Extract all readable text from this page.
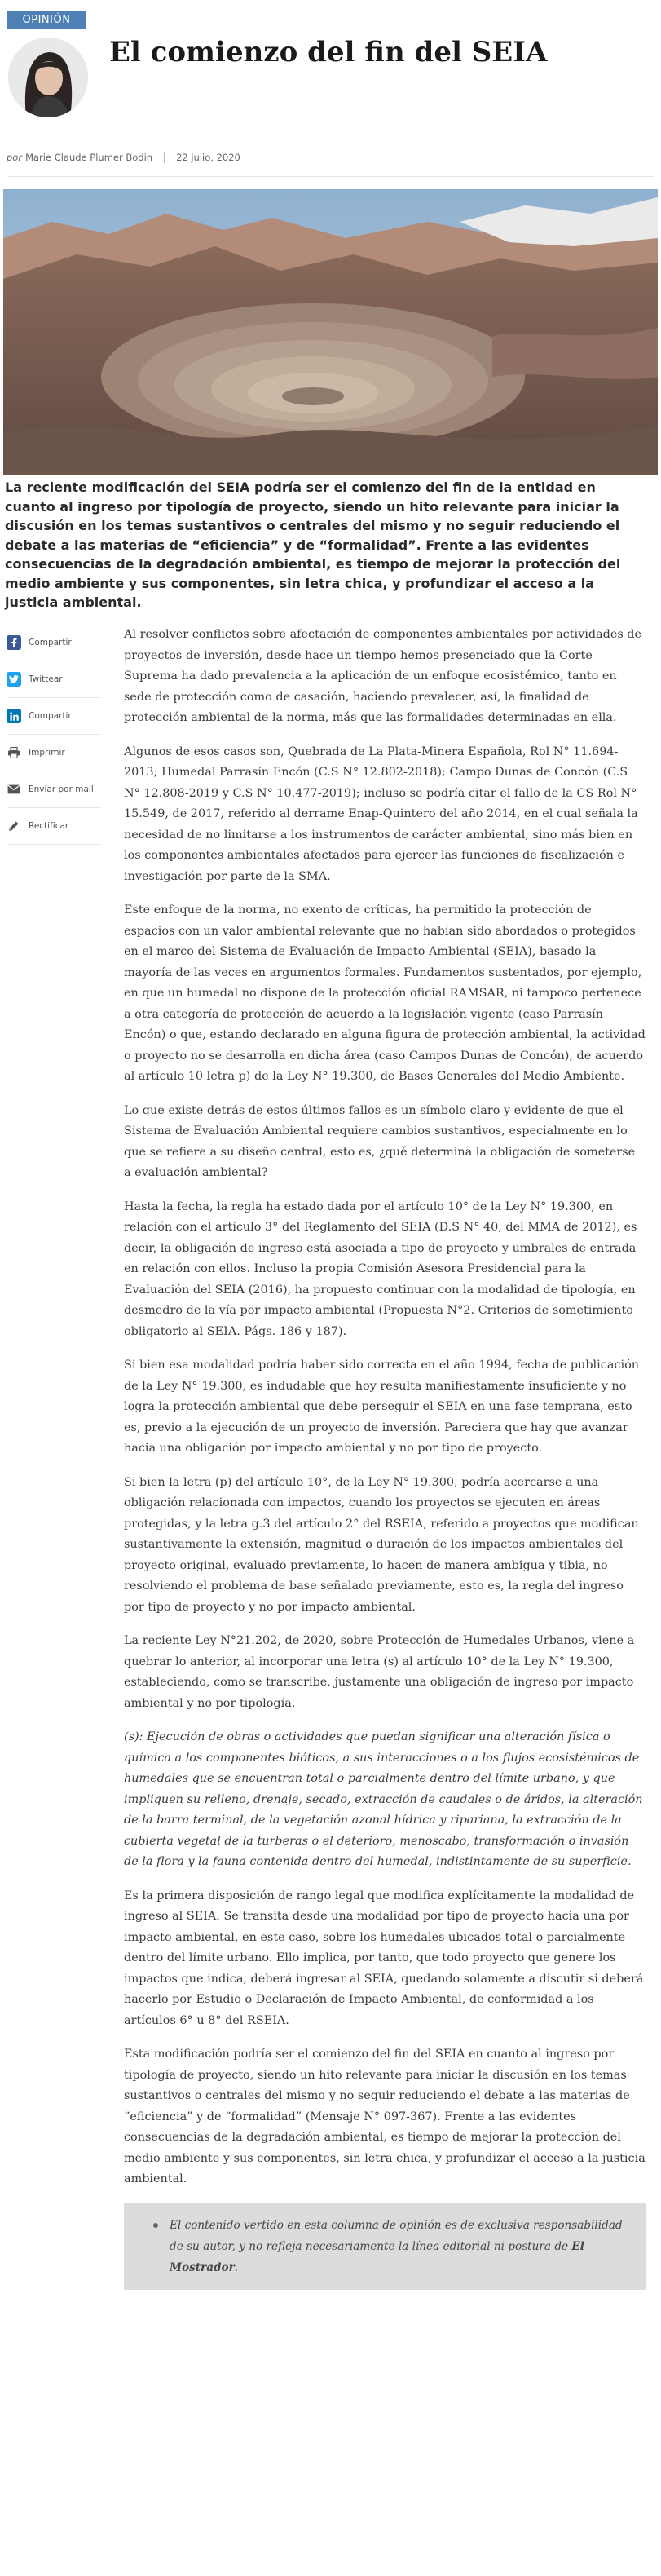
OPINIÓN
El comienzo del fin del SEIA
por Marie Claude Plumer Bodin	22 julio, 2020

La reciente modificación del SEIA podría ser el comienzo del fin de la entidad en cuanto al ingreso por tipología de proyecto, siendo un hito relevante para iniciar la discusión en los temas sustantivos o centrales del mismo y no seguir reduciendo el debate a las materias de “eficiencia” y de “formalidad”. Frente a las evidentes consecuencias de la degradación ambiental, es tiempo de mejorar la protección del medio ambiente y sus componentes, sin letra chica, y profundizar el acceso a la justicia ambiental.

Compartir
Twittear
Compartir
Imprimir
Enviar por mail
Rectificar

Al resolver conflictos sobre afectación de componentes ambientales por actividades de proyectos de inversión, desde hace un tiempo hemos presenciado que la Corte Suprema ha dado prevalencia a la aplicación de un enfoque ecosistémico, tanto en sede de protección como de casación, haciendo prevalecer, así, la finalidad de protección ambiental de la norma, más que las formalidades determinadas en ella.

Algunos de esos casos son, Quebrada de La Plata-Minera Española, Rol N° 11.694-2013; Humedal Parrasín Encón (C.S N° 12.802-2018); Campo Dunas de Concón (C.S N° 12.808-2019 y C.S N° 10.477-2019); incluso se podría citar el fallo de la CS Rol N° 15.549, de 2017, referido al derrame Enap-Quintero del año 2014, en el cual señala la necesidad de no limitarse a los instrumentos de carácter ambiental, sino más bien en los componentes ambientales afectados para ejercer las funciones de fiscalización e investigación por parte de la SMA.

Este enfoque de la norma, no exento de críticas, ha permitido la protección de espacios con un valor ambiental relevante que no habían sido abordados o protegidos en el marco del Sistema de Evaluación de Impacto Ambiental (SEIA), basado la mayoría de las veces en argumentos formales. Fundamentos sustentados, por ejemplo, en que un humedal no dispone de la protección oficial RAMSAR, ni tampoco pertenece a otra categoría de protección de acuerdo a la legislación vigente (caso Parrasín Encón) o que, estando declarado en alguna figura de protección ambiental, la actividad o proyecto no se desarrolla en dicha área (caso Campos Dunas de Concón), de acuerdo al artículo 10 letra p) de la Ley N° 19.300, de Bases Generales del Medio Ambiente.

Lo que existe detrás de estos últimos fallos es un símbolo claro y evidente de que el Sistema de Evaluación Ambiental requiere cambios sustantivos, especialmente en lo que se refiere a su diseño central, esto es, ¿qué determina la obligación de someterse a evaluación ambiental?

Hasta la fecha, la regla ha estado dada por el artículo 10° de la Ley N° 19.300, en relación con el artículo 3° del Reglamento del SEIA (D.S N° 40, del MMA de 2012), es decir, la obligación de ingreso está asociada a tipo de proyecto y umbrales de entrada en relación con ellos. Incluso la propia Comisión Asesora Presidencial para la Evaluación del SEIA (2016), ha propuesto continuar con la modalidad de tipología, en desmedro de la vía por impacto ambiental (Propuesta N°2. Criterios de sometimiento obligatorio al SEIA. Págs. 186 y 187).

Si bien esa modalidad podría haber sido correcta en el año 1994, fecha de publicación de la Ley N° 19.300, es indudable que hoy resulta manifiestamente insuficiente y no logra la protección ambiental que debe perseguir el SEIA en una fase temprana, esto es, previo a la ejecución de un proyecto de inversión. Pareciera que hay que avanzar hacia una obligación por impacto ambiental y no por tipo de proyecto.

Si bien la letra (p) del artículo 10°, de la Ley N° 19.300, podría acercarse a una obligación relacionada con impactos, cuando los proyectos se ejecuten en áreas protegidas, y la letra g.3 del artículo 2° del RSEIA, referido a proyectos que modifican sustantivamente la extensión, magnitud o duración de los impactos ambientales del proyecto original, evaluado previamente, lo hacen de manera ambigua y tibia, no resolviendo el problema de base señalado previamente, esto es, la regla del ingreso por tipo de proyecto y no por impacto ambiental.

La reciente Ley N°21.202, de 2020, sobre Protección de Humedales Urbanos, viene a quebrar lo anterior, al incorporar una letra (s) al artículo 10° de la Ley N° 19.300, estableciendo, como se transcribe, justamente una obligación de ingreso por impacto ambiental y no por tipología.

(s): Ejecución de obras o actividades que puedan significar una alteración física o química a los componentes bióticos, a sus interacciones o a los flujos ecosistémicos de humedales que se encuentran total o parcialmente dentro del límite urbano, y que impliquen su relleno, drenaje, secado, extracción de caudales o de áridos, la alteración de la barra terminal, de la vegetación azonal hídrica y ripariana, la extracción de la cubierta vegetal de la turberas o el deterioro, menoscabo, transformación o invasión de la flora y la fauna contenida dentro del humedal, indistintamente de su superficie.

Es la primera disposición de rango legal que modifica explícitamente la modalidad de ingreso al SEIA. Se transita desde una modalidad por tipo de proyecto hacia una por impacto ambiental, en este caso, sobre los humedales ubicados total o parcialmente dentro del límite urbano. Ello implica, por tanto, que todo proyecto que genere los impactos que indica, deberá ingresar al SEIA, quedando solamente a discutir si deberá hacerlo por Estudio o Declaración de Impacto Ambiental, de conformidad a los artículos 6° u 8° del RSEIA.

Esta modificación podría ser el comienzo del fin del SEIA en cuanto al ingreso por tipología de proyecto, siendo un hito relevante para iniciar la discusión en los temas sustantivos o centrales del mismo y no seguir reduciendo el debate a las materias de “eficiencia” y de “formalidad” (Mensaje N° 097-367). Frente a las evidentes consecuencias de la degradación ambiental, es tiempo de mejorar la protección del medio ambiente y sus componentes, sin letra chica, y profundizar el acceso a la justicia ambiental.

El contenido vertido en esta columna de opinión es de exclusiva responsabilidad de su autor, y no refleja necesariamente la línea editorial ni postura de El Mostrador.
